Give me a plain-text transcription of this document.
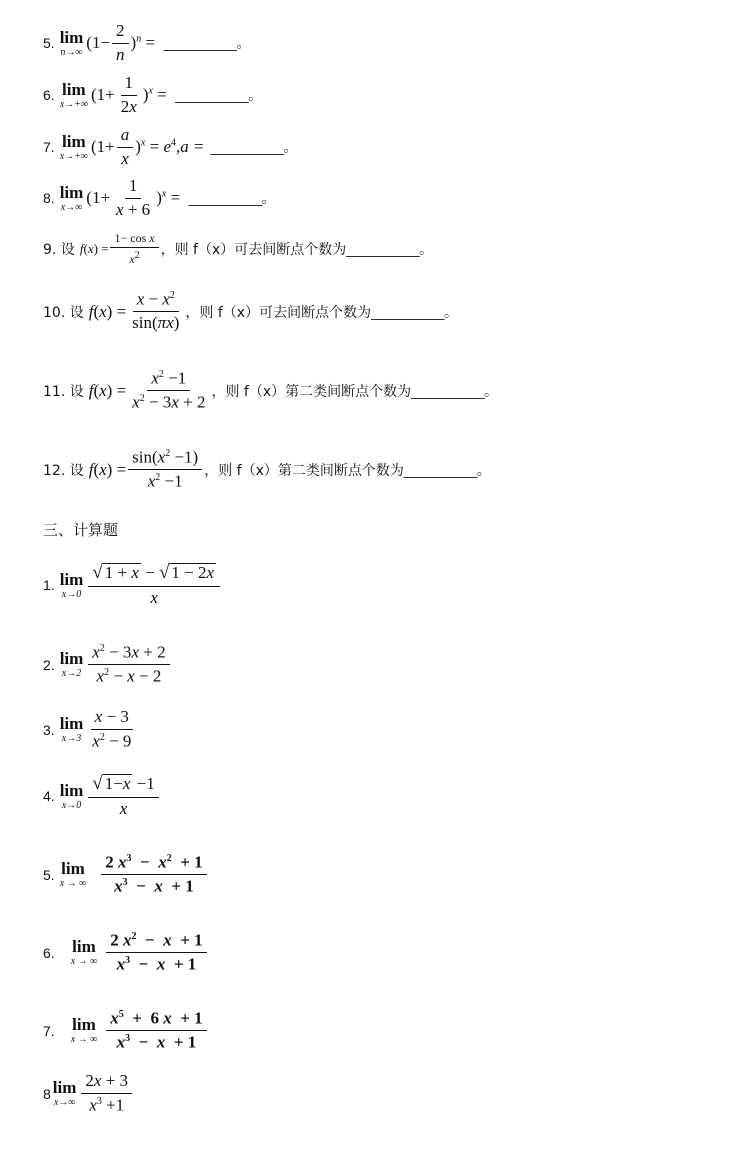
5. lim
n→∞ $(1- \frac{2}{n} )^n$ = __________ 。
6. lim
x→+∞ $(1+ \frac{1}{2x} )^x$ = __________ 。
7. lim
x→+∞ $(1+ \frac{a}{x} )^x = e^4$ ,a = __________ 。
8. lim
x→∞ $(1+ \frac{1}{x + 6} )^x$ = __________ 。
9. 设 $f(x) = \frac{\text{1− cos x}}{x^2}$ ，则 f（x）可去间断点个数为 __________ 。
10. 设 $f(x) = \frac{x - x^2}{\sin(\pi x)}$ ，则 f（x）可去间断点个数为 __________ 。
11. 设 $f(x) = \frac{x^2 -1}{x^2 - 3x + 2}$ ，则 f（x）第二类间断点个数为 __________ 。
12. 设 $f(x) = \frac{\sin(x^2 -1)}{x^2 -1}$ ，则 f（x）第二类间断点个数为 __________ 。
三、计算题
1. lim
$x\to 0 \frac{√ 1 + x - √ 1 - 2x}{x}$
2. lim
$x\to 2 \frac{x^2 - 3x + 2}{x^2 - x - 2}$
3. lim
$x\to 3 \frac{x - 3}{x^2 - 9}$
4. lim
$x\to 0 \frac{√ 1-x -1}{x}$
5. lim
x → ∞ $\frac{2 x^3 - x^2 + 1}{x^3 - x + 1}$
6. lim
x → ∞ $\frac{2 x^2 - x + 1}{x^3 - x + 1}$
7. lim
x → ∞ $\frac{x^5 + 6 x + 1}{x^3 - x + 1}$
8 lim
$x\to\infty \frac{2x + 3}{x^3 +1}$
